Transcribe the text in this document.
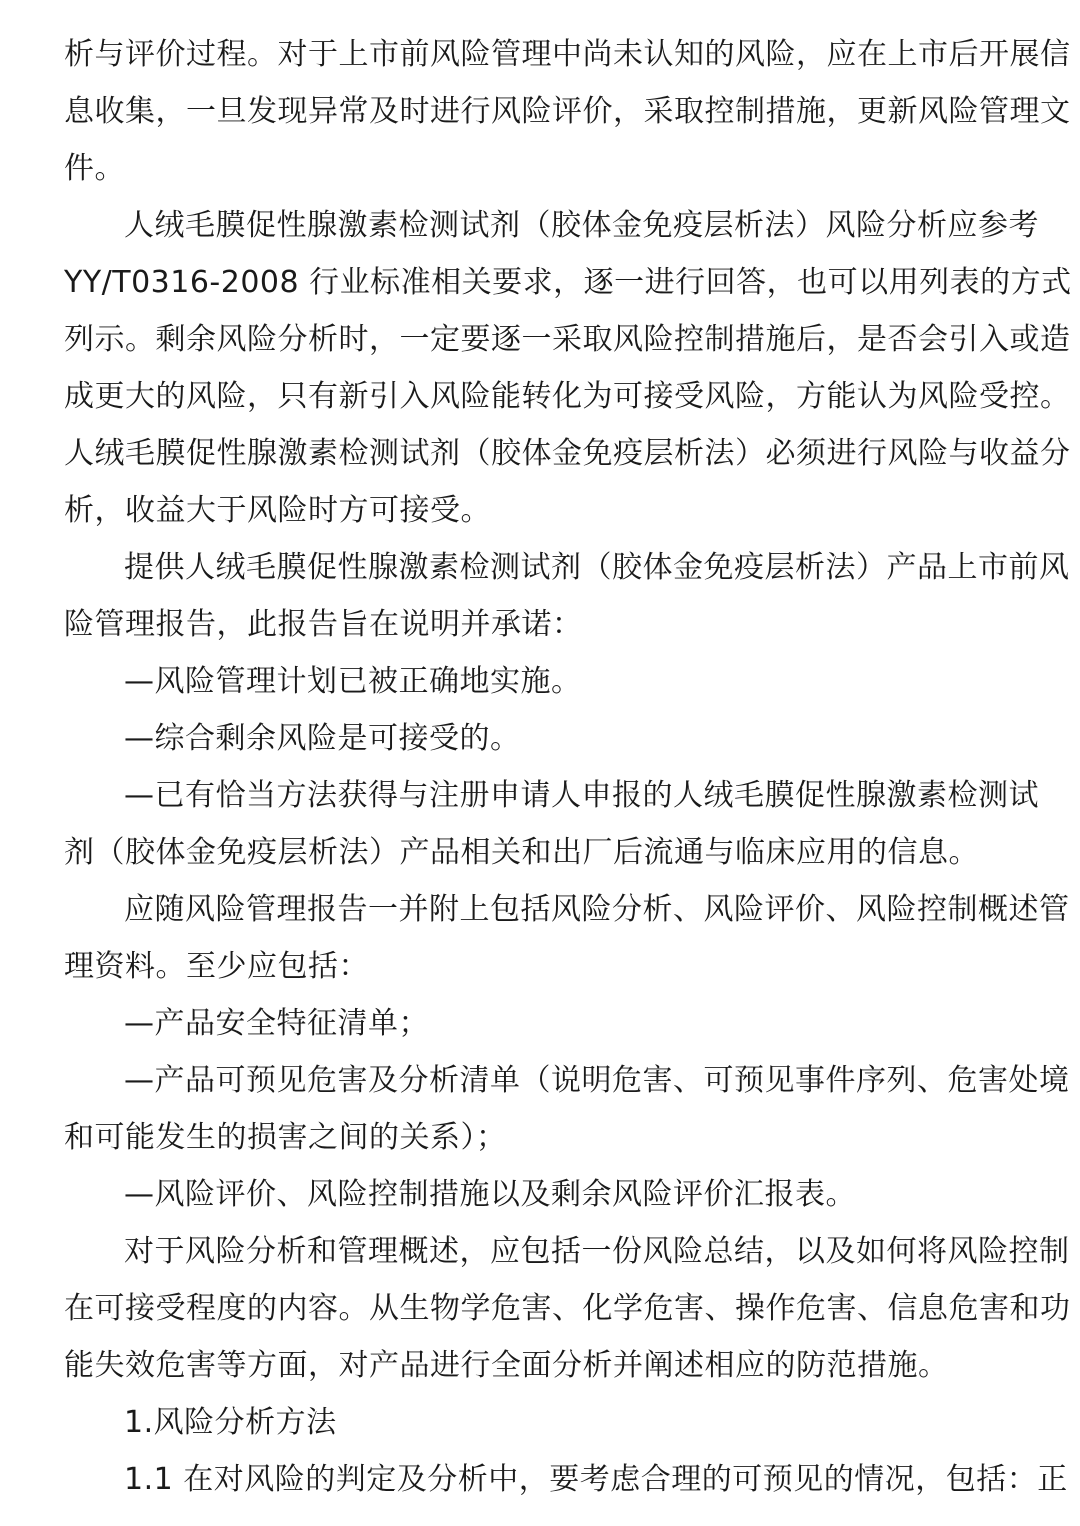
析与评价过程。对于上市前风险管理中尚未认知的风险，应在上市后开展信
息收集，一旦发现异常及时进行风险评价，采取控制措施，更新风险管理文
件。
人绒毛膜促性腺激素检测试剂（胶体金免疫层析法）风险分析应参考
YY/T0316-2008 行业标准相关要求，逐一进行回答，也可以用列表的方式
列示。剩余风险分析时，一定要逐一采取风险控制措施后，是否会引入或造
成更大的风险，只有新引入风险能转化为可接受风险，方能认为风险受控。
人绒毛膜促性腺激素检测试剂（胶体金免疫层析法）必须进行风险与收益分
析，收益大于风险时方可接受。
提供人绒毛膜促性腺激素检测试剂（胶体金免疫层析法）产品上市前风
险管理报告，此报告旨在说明并承诺：
—风险管理计划已被正确地实施。
—综合剩余风险是可接受的。
—已有恰当方法获得与注册申请人申报的人绒毛膜促性腺激素检测试
剂（胶体金免疫层析法）产品相关和出厂后流通与临床应用的信息。
应随风险管理报告一并附上包括风险分析、风险评价、风险控制概述管
理资料。至少应包括：
—产品安全特征清单；
—产品可预见危害及分析清单（说明危害、可预见事件序列、危害处境
和可能发生的损害之间的关系）；
—风险评价、风险控制措施以及剩余风险评价汇报表。
对于风险分析和管理概述，应包括一份风险总结，以及如何将风险控制
在可接受程度的内容。从生物学危害、化学危害、操作危害、信息危害和功
能失效危害等方面，对产品进行全面分析并阐述相应的防范措施。
1.风险分析方法
1.1 在对风险的判定及分析中，要考虑合理的可预见的情况，包括：正
